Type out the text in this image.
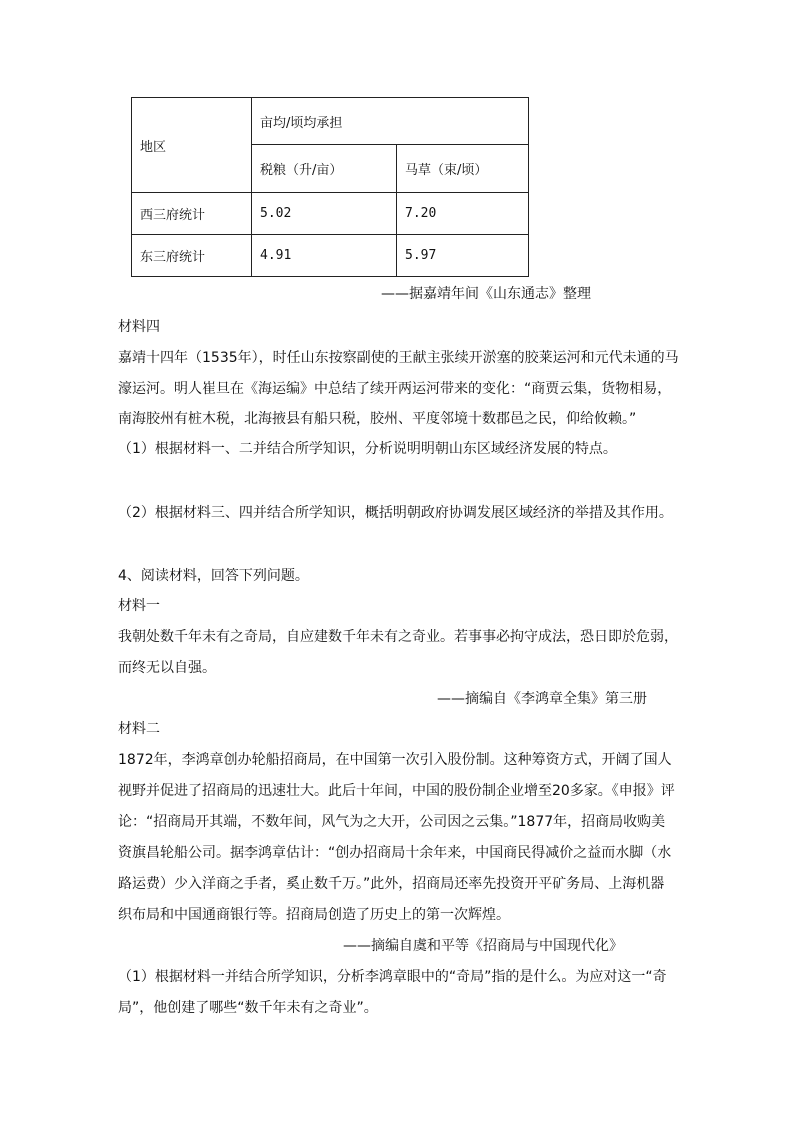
地区	亩均/顷均承担	
	税粮（升/亩）	马草（束/顷）
西三府统计	5.02	7.20
东三府统计	4.91	5.97
——据嘉靖年间《山东通志》整理
材料四
嘉靖十四年（1535年），时任山东按察副使的王献主张续开淤塞的胶莱运河和元代未通的马
濠运河。明人崔旦在《海运编》中总结了续开两运河带来的变化：“商贾云集，货物相易，
南海胶州有桩木税，北海掖县有船只税，胶州、平度邻境十数郡邑之民，仰给攸赖。”
（1）根据材料一、二并结合所学知识，分析说明明朝山东区域经济发展的特点。
（2）根据材料三、四并结合所学知识，概括明朝政府协调发展区域经济的举措及其作用。
4、阅读材料，回答下列问题。
材料一
我朝处数千年未有之奇局，自应建数千年未有之奇业。若事事必拘守成法，恐日即於危弱，
而终无以自强。
——摘编自《李鸿章全集》第三册
材料二
1872年，李鸿章创办轮船招商局，在中国第一次引入股份制。这种筹资方式，开阔了国人
视野并促进了招商局的迅速壮大。此后十年间，中国的股份制企业增至20多家。《申报》评
论：“招商局开其端，不数年间，风气为之大开，公司因之云集。”1877年，招商局收购美
资旗昌轮船公司。据李鸿章估计：“创办招商局十余年来，中国商民得减价之益而水脚（水
路运费）少入洋商之手者，奚止数千万。”此外，招商局还率先投资开平矿务局、上海机器
织布局和中国通商银行等。招商局创造了历史上的第一次辉煌。
——摘编自虞和平等《招商局与中国现代化》
（1）根据材料一并结合所学知识，分析李鸿章眼中的“奇局”指的是什么。为应对这一“奇
局”，他创建了哪些“数千年未有之奇业”。
